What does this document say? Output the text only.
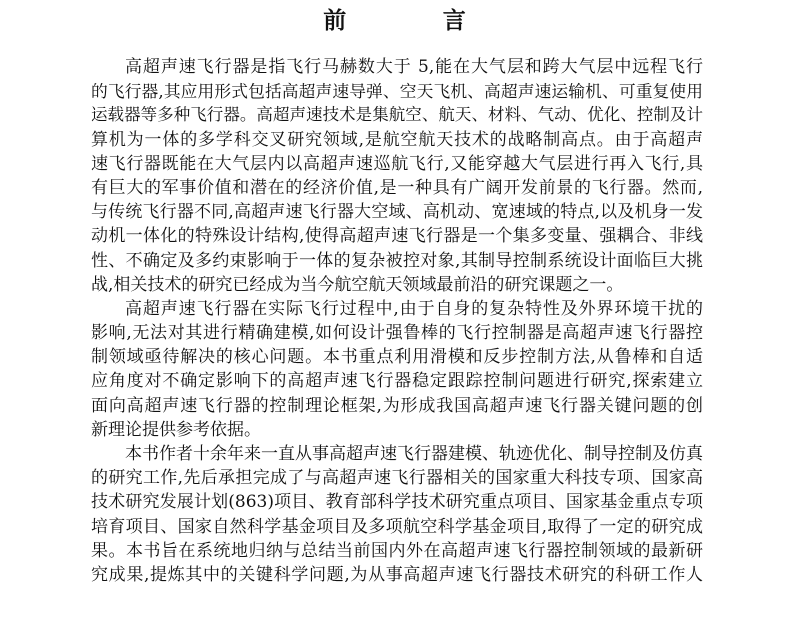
前　言
高超声速飞行器是指飞行马赫数大于 5,能在大气层和跨大气层中远程飞行
的飞行器,其应用形式包括高超声速导弹、空天飞机、高超声速运输机、可重复使用
运载器等多种飞行器。高超声速技术是集航空、航天、材料、气动、优化、控制及计
算机为一体的多学科交叉研究领域,是航空航天技术的战略制高点。由于高超声
速飞行器既能在大气层内以高超声速巡航飞行,又能穿越大气层进行再入飞行,具
有巨大的军事价值和潜在的经济价值,是一种具有广阔开发前景的飞行器。然而,
与传统飞行器不同,高超声速飞行器大空域、高机动、宽速域的特点,以及机身一发
动机一体化的特殊设计结构,使得高超声速飞行器是一个集多变量、强耦合、非线
性、不确定及多约束影响于一体的复杂被控对象,其制导控制系统设计面临巨大挑
战,相关技术的研究已经成为当今航空航天领域最前沿的研究课题之一。
高超声速飞行器在实际飞行过程中,由于自身的复杂特性及外界环境干扰的
影响,无法对其进行精确建模,如何设计强鲁棒的飞行控制器是高超声速飞行器控
制领域亟待解决的核心问题。本书重点利用滑模和反步控制方法,从鲁棒和自适
应角度对不确定影响下的高超声速飞行器稳定跟踪控制问题进行研究,探索建立
面向高超声速飞行器的控制理论框架,为形成我国高超声速飞行器关键问题的创
新理论提供参考依据。
本书作者十余年来一直从事高超声速飞行器建模、轨迹优化、制导控制及仿真
的研究工作,先后承担完成了与高超声速飞行器相关的国家重大科技专项、国家高
技术研究发展计划(863)项目、教育部科学技术研究重点项目、国家基金重点专项
培育项目、国家自然科学基金项目及多项航空科学基金项目,取得了一定的研究成
果。本书旨在系统地归纳与总结当前国内外在高超声速飞行器控制领域的最新研
究成果,提炼其中的关键科学问题,为从事高超声速飞行器技术研究的科研工作人
